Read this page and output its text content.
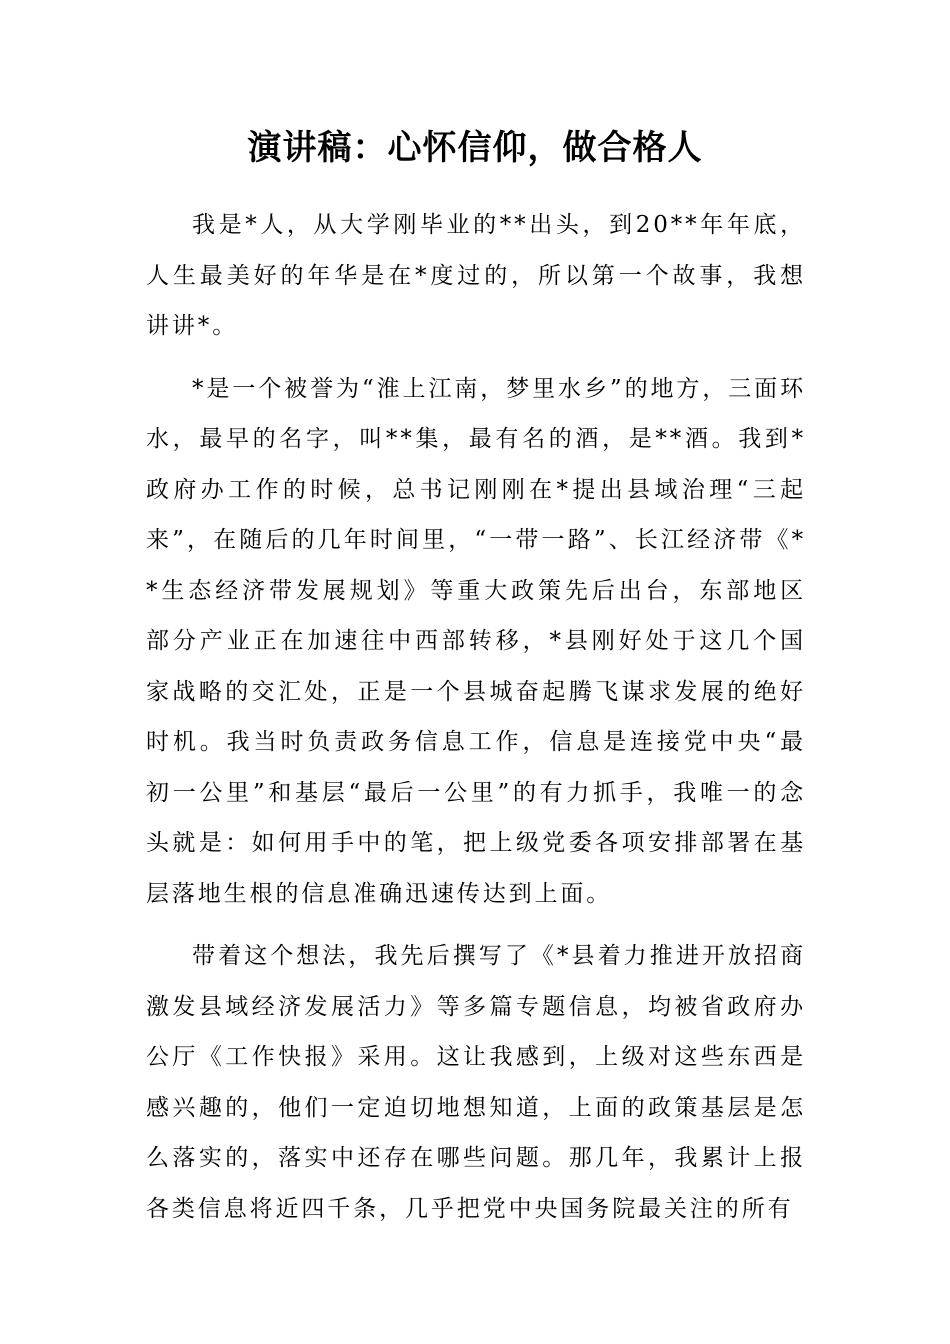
演讲稿：心怀信仰，做合格人

我是*人，从大学刚毕业的**出头，到20**年年底，人生最美好的年华是在*度过的，所以第一个故事，我想讲讲*。

*是一个被誉为“淮上江南，梦里水乡”的地方，三面环水，最早的名字，叫**集，最有名的酒，是**酒。我到*政府办工作的时候，总书记刚刚在*提出县域治理“三起来”，在随后的几年时间里，“一带一路”、长江经济带《**生态经济带发展规划》等重大政策先后出台，东部地区部分产业正在加速往中西部转移，*县刚好处于这几个国家战略的交汇处，正是一个县城奋起腾飞谋求发展的绝好时机。我当时负责政务信息工作，信息是连接党中央“最初一公里”和基层“最后一公里”的有力抓手，我唯一的念头就是：如何用手中的笔，把上级党委各项安排部署在基层落地生根的信息准确迅速传达到上面。

带着这个想法，我先后撰写了《*县着力推进开放招商激发县域经济发展活力》等多篇专题信息，均被省政府办公厅《工作快报》采用。这让我感到，上级对这些东西是感兴趣的，他们一定迫切地想知道，上面的政策基层是怎么落实的，落实中还存在哪些问题。那几年，我累计上报各类信息将近四千条，几乎把党中央国务院最关注的所有
